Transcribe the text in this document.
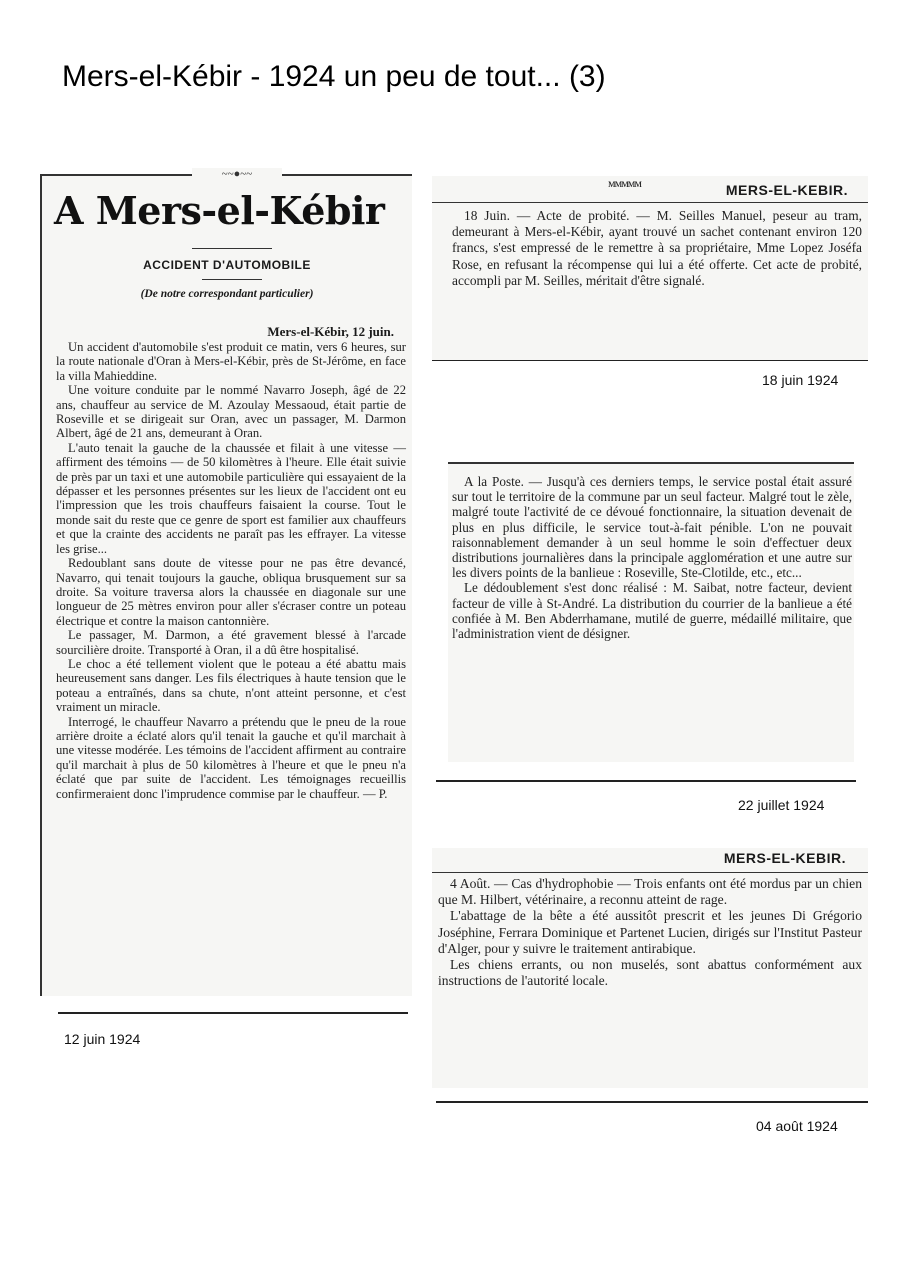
Mers-el-Kébir - 1924 un peu de tout... (3)
~~●~~
A Mers-el-Kébir
ACCIDENT D'AUTOMOBILE
(De notre correspondant particulier)
Mers-el-Kébir, 12 juin.

Un accident d'automobile s'est produit ce matin, vers 6 heures, sur la route nationale d'Oran à Mers-el-Kébir, près de St-Jérôme, en face la villa Mahieddine.

Une voiture conduite par le nommé Navarro Joseph, âgé de 22 ans, chauffeur au service de M. Azoulay Messaoud, était partie de Roseville et se dirigeait sur Oran, avec un passager, M. Darmon Albert, âgé de 21 ans, demeurant à Oran.

L'auto tenait la gauche de la chaussée et filait à une vitesse — affirment des témoins — de 50 kilomètres à l'heure. Elle était suivie de près par un taxi et une automobile particulière qui essayaient de la dépasser et les personnes présentes sur les lieux de l'accident ont eu l'impression que les trois chauffeurs faisaient la course. Tout le monde sait du reste que ce genre de sport est familier aux chauffeurs et que la crainte des accidents ne paraît pas les effrayer. La vitesse les grise...

Redoublant sans doute de vitesse pour ne pas être devancé, Navarro, qui tenait toujours la gauche, obliqua brusquement sur sa droite. Sa voiture traversa alors la chaussée en diagonale sur une longueur de 25 mètres environ pour aller s'écraser contre un poteau électrique et contre la maison cantonnière.

Le passager, M. Darmon, a été gravement blessé à l'arcade sourcilière droite. Transporté à Oran, il a dû être hospitalisé.

Le choc a été tellement violent que le poteau a été abattu mais heureusement sans danger. Les fils électriques à haute tension que le poteau a entraînés, dans sa chute, n'ont atteint personne, et c'est vraiment un miracle.

Interrogé, le chauffeur Navarro a prétendu que le pneu de la roue arrière droite a éclaté alors qu'il tenait la gauche et qu'il marchait à une vitesse modérée. Les témoins de l'accident affirment au contraire qu'il marchait à plus de 50 kilomètres à l'heure et que le pneu n'a éclaté que par suite de l'accident. Les témoignages recueillis confirmeraient donc l'imprudence commise par le chauffeur. — P.

12 juin 1924
ммммм	MERS-EL-KEBIR.

18 Juin. — Acte de probité. — M. Seilles Manuel, peseur au tram, demeurant à Mers-el-Kébir, ayant trouvé un sachet contenant environ 120 francs, s'est empressé de le remettre à sa propriétaire, Mme Lopez Joséfa Rose, en refusant la récompense qui lui a été offerte. Cet acte de probité, accompli par M. Seilles, méritait d'être signalé.

18 juin 1924

A la Poste. — Jusqu'à ces derniers temps, le service postal était assuré sur tout le territoire de la commune par un seul facteur. Malgré tout le zèle, malgré toute l'activité de ce dévoué fonctionnaire, la situation devenait de plus en plus difficile, le service tout-à-fait pénible. L'on ne pouvait raisonnablement demander à un seul homme le soin d'effectuer deux distributions journalières dans la principale agglomération et une autre sur les divers points de la banlieue : Roseville, Ste-Clotilde, etc., etc...

Le dédoublement s'est donc réalisé : M. Saibat, notre facteur, devient facteur de ville à St-André. La distribution du courrier de la banlieue a été confiée à M. Ben Abderrhamane, mutilé de guerre, médaillé militaire, que l'administration vient de désigner.

22 juillet 1924
MERS-EL-KEBIR.

4 Août. — Cas d'hydrophobie — Trois enfants ont été mordus par un chien que M. Hilbert, vétérinaire, a reconnu atteint de rage.

L'abattage de la bête a été aussitôt prescrit et les jeunes Di Grégorio Joséphine, Ferrara Dominique et Partenet Lucien, dirigés sur l'Institut Pasteur d'Alger, pour y suivre le traitement antirabique.

Les chiens errants, ou non muselés, sont abattus conformément aux instructions de l'autorité locale.

04 août 1924
